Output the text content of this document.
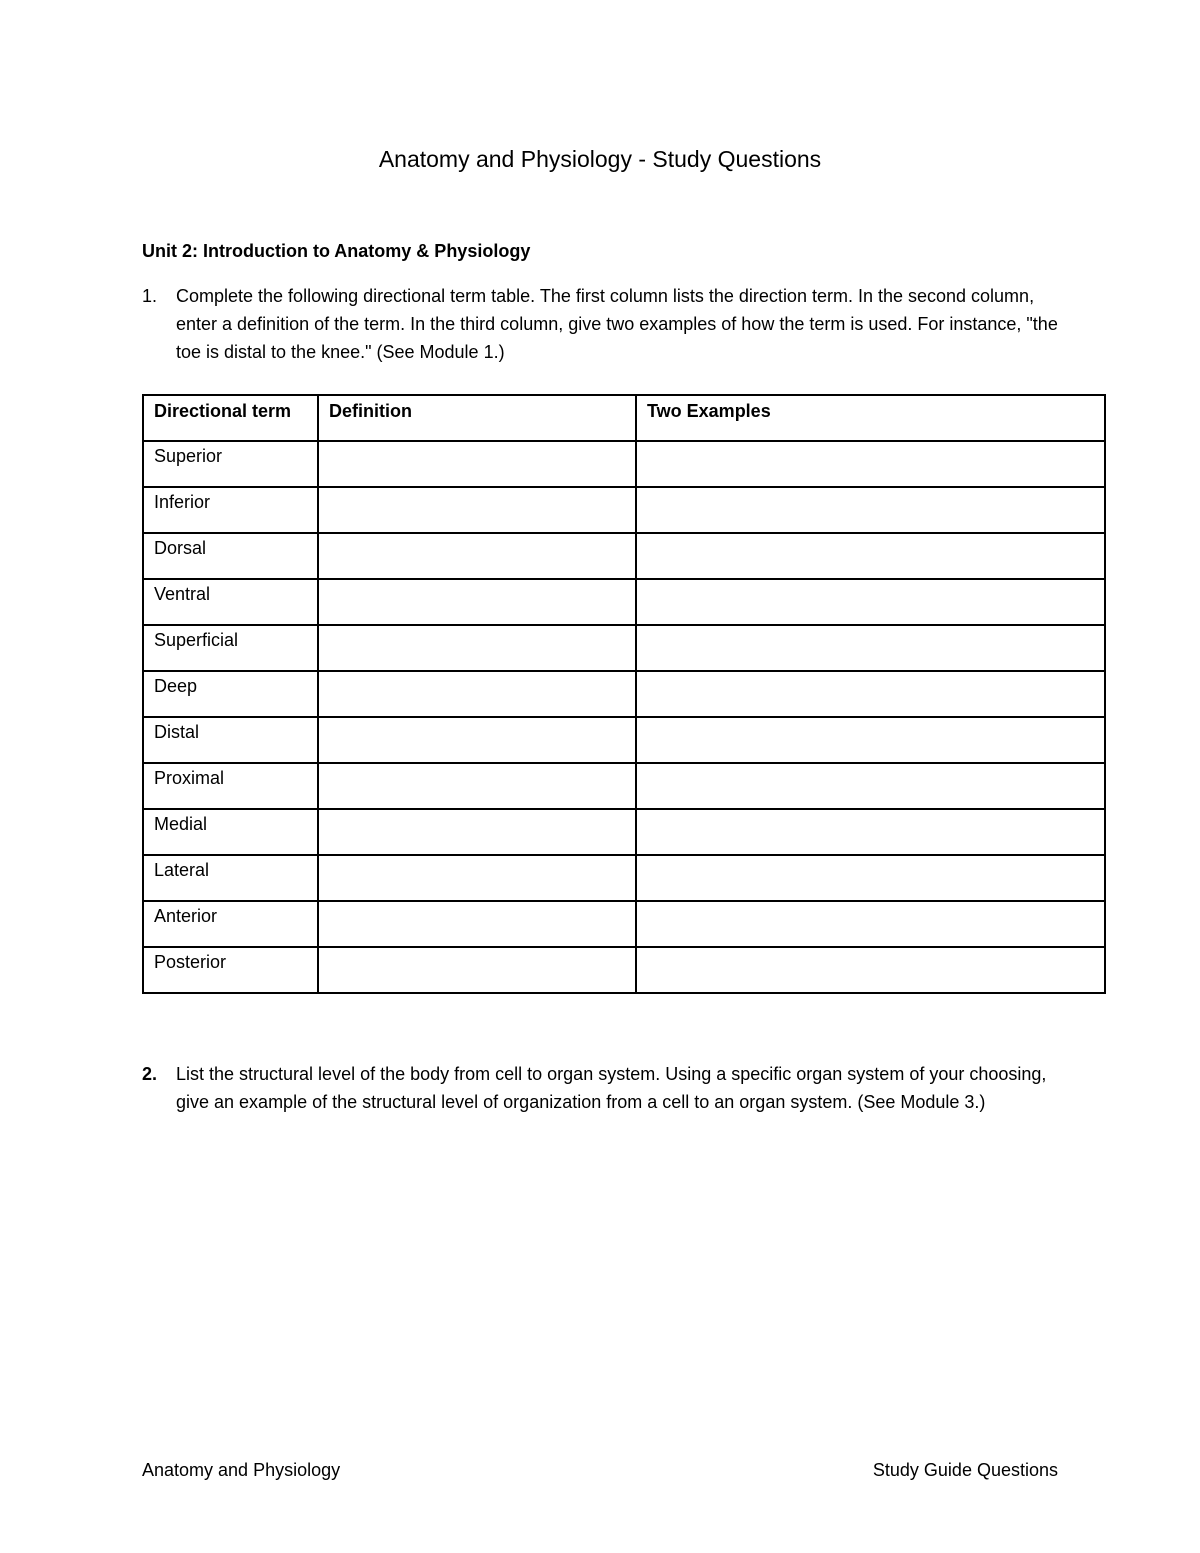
Anatomy and Physiology - Study Questions
Unit 2: Introduction to Anatomy & Physiology
1. Complete the following directional term table. The first column lists the direction term. In the second column, enter a definition of the term. In the third column, give two examples of how the term is used. For instance, "the toe is distal to the knee." (See Module 1.)
Directional term	Definition	Two Examples
Superior		
Inferior		
Dorsal		
Ventral		
Superficial		
Deep		
Distal		
Proximal		
Medial		
Lateral		
Anterior		
Posterior		
2. List the structural level of the body from cell to organ system. Using a specific organ system of your choosing, give an example of the structural level of organization from a cell to an organ system. (See Module 3.)
Anatomy and Physiology	Study Guide Questions
